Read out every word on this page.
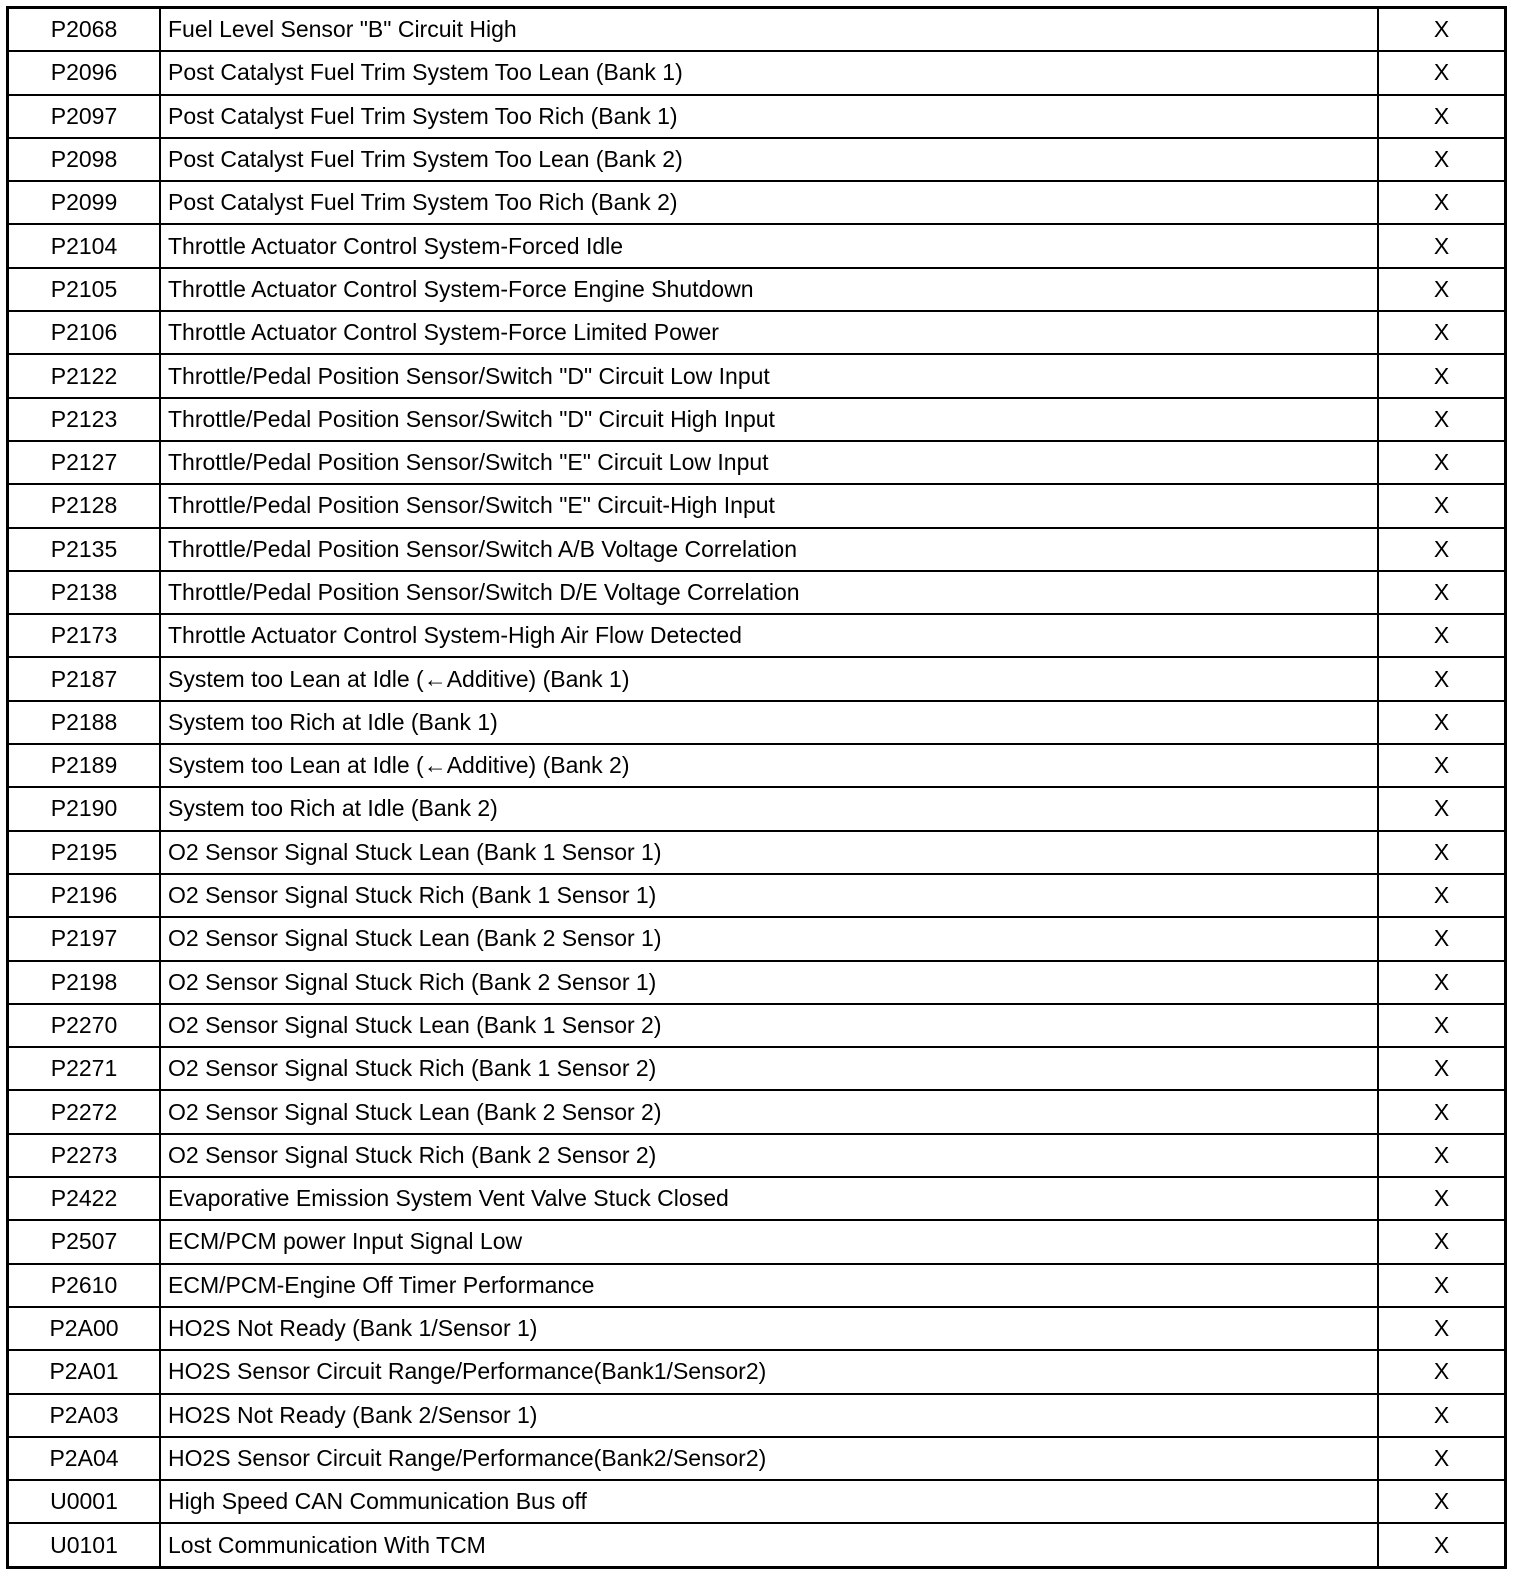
P2068	Fuel Level Sensor "B" Circuit High	X
P2096	Post Catalyst Fuel Trim System Too Lean (Bank 1)	X
P2097	Post Catalyst Fuel Trim System Too Rich (Bank 1)	X
P2098	Post Catalyst Fuel Trim System Too Lean (Bank 2)	X
P2099	Post Catalyst Fuel Trim System Too Rich (Bank 2)	X
P2104	Throttle Actuator Control System-Forced Idle	X
P2105	Throttle Actuator Control System-Force Engine Shutdown	X
P2106	Throttle Actuator Control System-Force Limited Power	X
P2122	Throttle/Pedal Position Sensor/Switch "D" Circuit Low Input	X
P2123	Throttle/Pedal Position Sensor/Switch "D" Circuit High Input	X
P2127	Throttle/Pedal Position Sensor/Switch "E" Circuit Low Input	X
P2128	Throttle/Pedal Position Sensor/Switch "E" Circuit-High Input	X
P2135	Throttle/Pedal Position Sensor/Switch A/B Voltage Correlation	X
P2138	Throttle/Pedal Position Sensor/Switch D/E Voltage Correlation	X
P2173	Throttle Actuator Control System-High Air Flow Detected	X
P2187	System too Lean at Idle (←Additive) (Bank 1)	X
P2188	System too Rich at Idle (Bank 1)	X
P2189	System too Lean at Idle (←Additive) (Bank 2)	X
P2190	System too Rich at Idle (Bank 2)	X
P2195	O2 Sensor Signal Stuck Lean (Bank 1 Sensor 1)	X
P2196	O2 Sensor Signal Stuck Rich (Bank 1 Sensor 1)	X
P2197	O2 Sensor Signal Stuck Lean (Bank 2 Sensor 1)	X
P2198	O2 Sensor Signal Stuck Rich (Bank 2 Sensor 1)	X
P2270	O2 Sensor Signal Stuck Lean (Bank 1 Sensor 2)	X
P2271	O2 Sensor Signal Stuck Rich (Bank 1 Sensor 2)	X
P2272	O2 Sensor Signal Stuck Lean (Bank 2 Sensor 2)	X
P2273	O2 Sensor Signal Stuck Rich (Bank 2 Sensor 2)	X
P2422	Evaporative Emission System Vent Valve Stuck Closed	X
P2507	ECM/PCM power Input Signal Low	X
P2610	ECM/PCM-Engine Off Timer Performance	X
P2A00	HO2S Not Ready (Bank 1/Sensor 1)	X
P2A01	HO2S Sensor Circuit Range/Performance(Bank1/Sensor2)	X
P2A03	HO2S Not Ready (Bank 2/Sensor 1)	X
P2A04	HO2S Sensor Circuit Range/Performance(Bank2/Sensor2)	X
U0001	High Speed CAN Communication Bus off	X
U0101	Lost Communication With TCM	X
